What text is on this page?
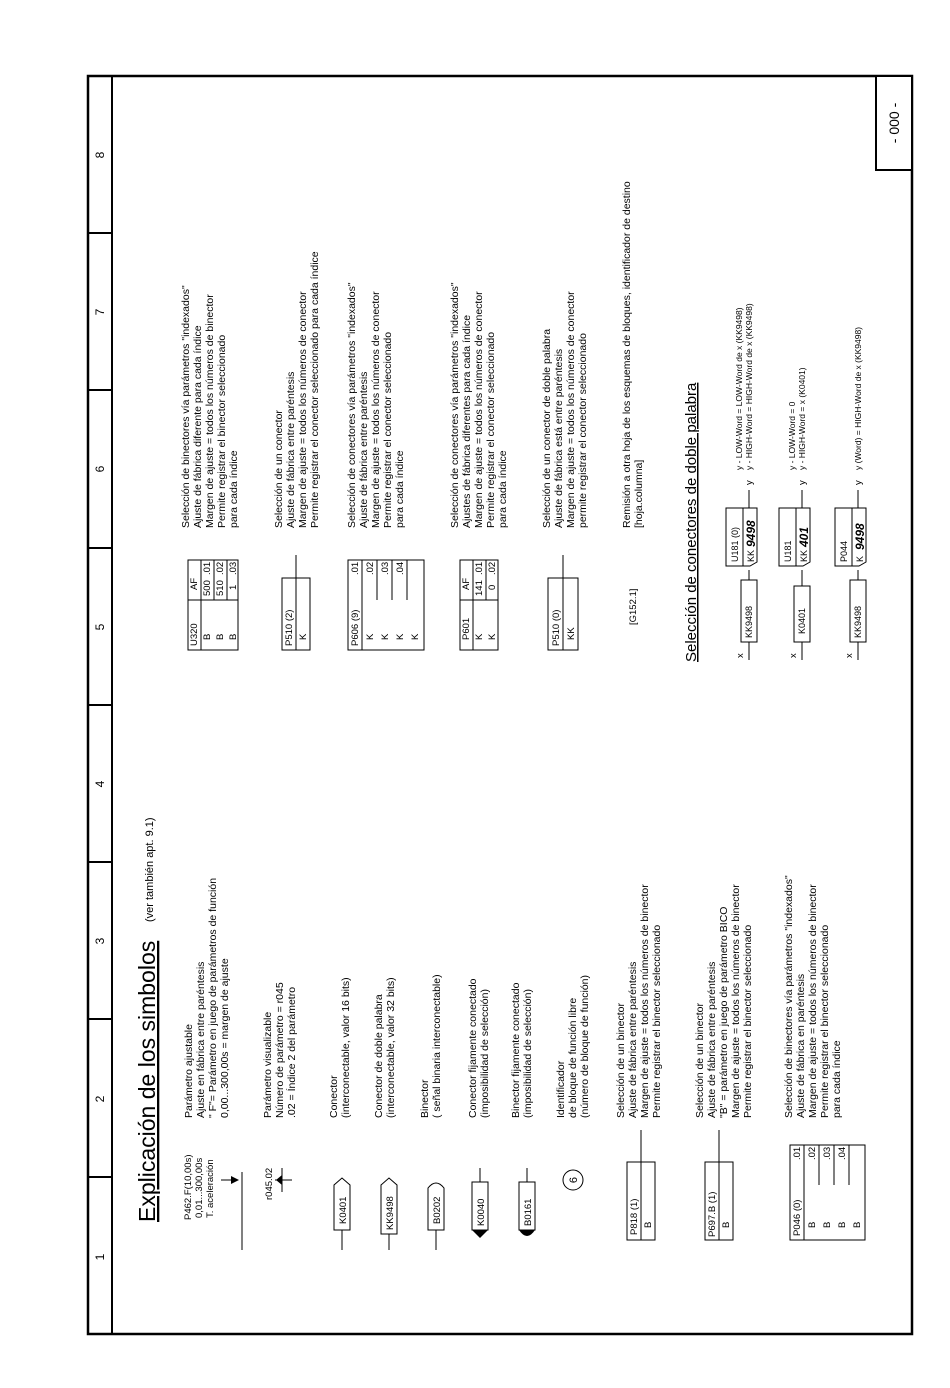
1
2
3
4
5
6
7
8
- 000 -
Explicación de los simbolos
(ver también apt. 9.1)
P462.F(10,00s) 0,01...300,00s T. aceleración
Parámetro ajustable Ajuste en fábrica entre paréntesis " F"= Parámetro en juego de parámetros de función 0,00...300,00s = margen de ajuste
r045.02
Parámetro visualizable Número de parámetro = r045 .02 = Índice 2 del parámetro
K0401
Conector (interconectable, valor 16 bits)
KK9498
Conector de doble palabra (interconectable, valor 32 bits)
B0202
Binector ( señal binaria interconectable)
K0040
Conector fijamente conectado (imposibilidad de selección)
B0161
Binector fijamente conectado (imposibilidad de selección)
6
Identificador de bloque de función libre (número de bloque de función)
P818 (1) B
Selección de un binector Ajuste de fábrica entre paréntesis Margen de ajuste = todos los números de binector Permite registrar el binector seleccionado
P697.B (1) B
Selección de un binector Ajuste de fábrica entre paréntesis "B" = parámetro en juego de parámetro BICO Margen de ajuste = todos los números de binector Permite registrar el binector seleccionado
P046 (0) B B B B
.01 .02 .03 .04
Selección de binectores vía parámetros "indexados" Ajuste de fábrica en paréntesis Margen de ajuste = todos los números de binector Permite registrar el binector seleccionado para cada índice
U320
AF
B B B
500 510 1
.01 .02 .03
Selección de binectores vía parámetros "indexados" Ajuste de fábrica diferente para cada índice Margen de ajuste = todos los números de binector Permite registrar el binector seleccionado para cada índice
P510 (2) K
Selección de un conector Ajuste de fábrica entre paréntesis Margen de ajuste = todos los números de conector Permite registrar el conector seleccionado para cada índice
P606 (9) K K K K
.01 .02 .03 .04
Selección de conectores vía parámetros "indexados" Ajuste de fábrica entre paréntesis Margen de ajuste = todos los números de conector Permite registrar el conector seleccionado para cada índice
P601
AF
K K
141 0
.01 .02
Selección de conectores vía parámetros "indexados" Ajustes de fábrica diferentes para cada índice Margen de ajuste = todos los números de conector Permite registrar el conector seleccionado para cada índice
P510 (0) KK
Selección de un conector de doble palabra Ajuste de fábrica está entre paréntesis Margen de ajuste = todos los números de conector permite registrar el conector seleccionado
[G152.1]
Remisión a otra hoja de los esquemas de bloques, identificador de destino [hoja.columna]	Selección de conectores de doble palabra	x
KK9498
U181 (0) KK
9498
y
y - LOW-Word = LOW-Word de x (KK9498) y - HIGH-Word = HIGH-Word de x (KK9498)
x
K0401
U181 KK
401
y
y - LOW-Word = 0 y - HIGH-Word = x (K0401)
x
KK9498
P044 K
9498
y
y (Word) = HIGH-Word de x (KK9498)
